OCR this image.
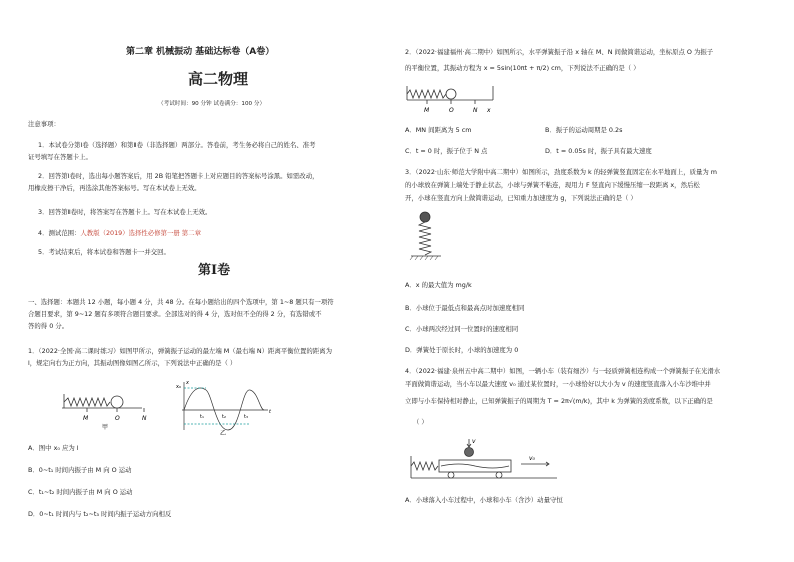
第二章 机械振动 基础达标卷（A卷）
高二物理
（考试时间：90 分钟 试卷满分：100 分）
注意事项：
1．本试卷分第Ⅰ卷（选择题）和第Ⅱ卷（非选择题）两部分。答卷前，考生务必将自己的姓名、准考
证号填写在答题卡上。
2．回答第Ⅰ卷时，选出每小题答案后，用 2B 铅笔把答题卡上对应题目的答案标号涂黑。如需改动，
用橡皮擦干净后，再选涂其他答案标号。写在本试卷上无效。
3．回答第Ⅱ卷时，将答案写在答题卡上。写在本试卷上无效。
4．测试范围：人教版（2019）选择性必修第一册 第二章
5．考试结束后，将本试卷和答题卡一并交回。
第Ⅰ卷
一、选择题：本题共 12 小题，每小题 4 分，共 48 分。在每小题给出的四个选项中，第 1~8 题只有一项符
合题目要求，第 9~12 题有多项符合题目要求。全部选对的得 4 分，选对但不全的得 2 分，有选错或不
答的得 0 分。
1．（2022·全国·高二课时练习）如图甲所示，弹簧振子运动的最左端 M（最右端 N）距离平衡位置的距离为
l，规定向右为正方向，其振动图像如图乙所示，下列说法中正确的是（ ）
M	O	N
甲
x₀
x
t
t₁	t₂	t₃
乙
A．图中 x₀ 应为 l
B．0~t₁ 时间内振子由 M 向 O 运动
C．t₁~t₂ 时间内振子由 M 向 O 运动
D．0~t₁ 时间内与 t₂~t₃ 时间内振子运动方向相反
2．（2022·福建福州·高二期中）如图所示，水平弹簧振子沿 x 轴在 M、N 间做简谐运动，坐标原点 O 为振子
的平衡位置，其振动方程为 x = 5sin(10πt + π/2) cm，下列说法不正确的是（ ）
M	O	N x
A．MN 间距离为 5 cm	B．振子的运动周期是 0.2s
C．t = 0 时，振子位于 N 点	D．t = 0.05s 时，振子具有最大速度
3．（2022·山东·师范大学附中高二期中）如图所示，劲度系数为 k 的轻弹簧竖直固定在水平地面上，质量为 m
的小球放在弹簧上端处于静止状态，小球与弹簧不粘连，现用力 F 竖直向下缓慢压缩一段距离 x，然后松
开，小球在竖直方向上做简谐运动，已知重力加速度为 g，下列说法正确的是（ ）
A．x 的最大值为 mg/k
B．小球位于最低点和最高点时加速度相同
C．小球两次经过同一位置时的速度相同
D．弹簧处于原长时，小球的加速度为 0
4．（2022·福建·泉州五中高二期中）如图，一辆小车（装有细沙）与一轻质弹簧相连构成一个弹簧振子在光滑水
平面做简谐运动，当小车以最大速度 v₀ 通过某位置时，一小球恰好以大小为 v 的速度竖直落入小车沙堆中并
立即与小车保持相对静止，已知弹簧振子的周期为 T = 2π√(m/k)，其中 k 为弹簧的劲度系数，以下正确的是
（ ）
v
v₀
A．小球落入小车过程中，小球和小车（含沙）动量守恒
